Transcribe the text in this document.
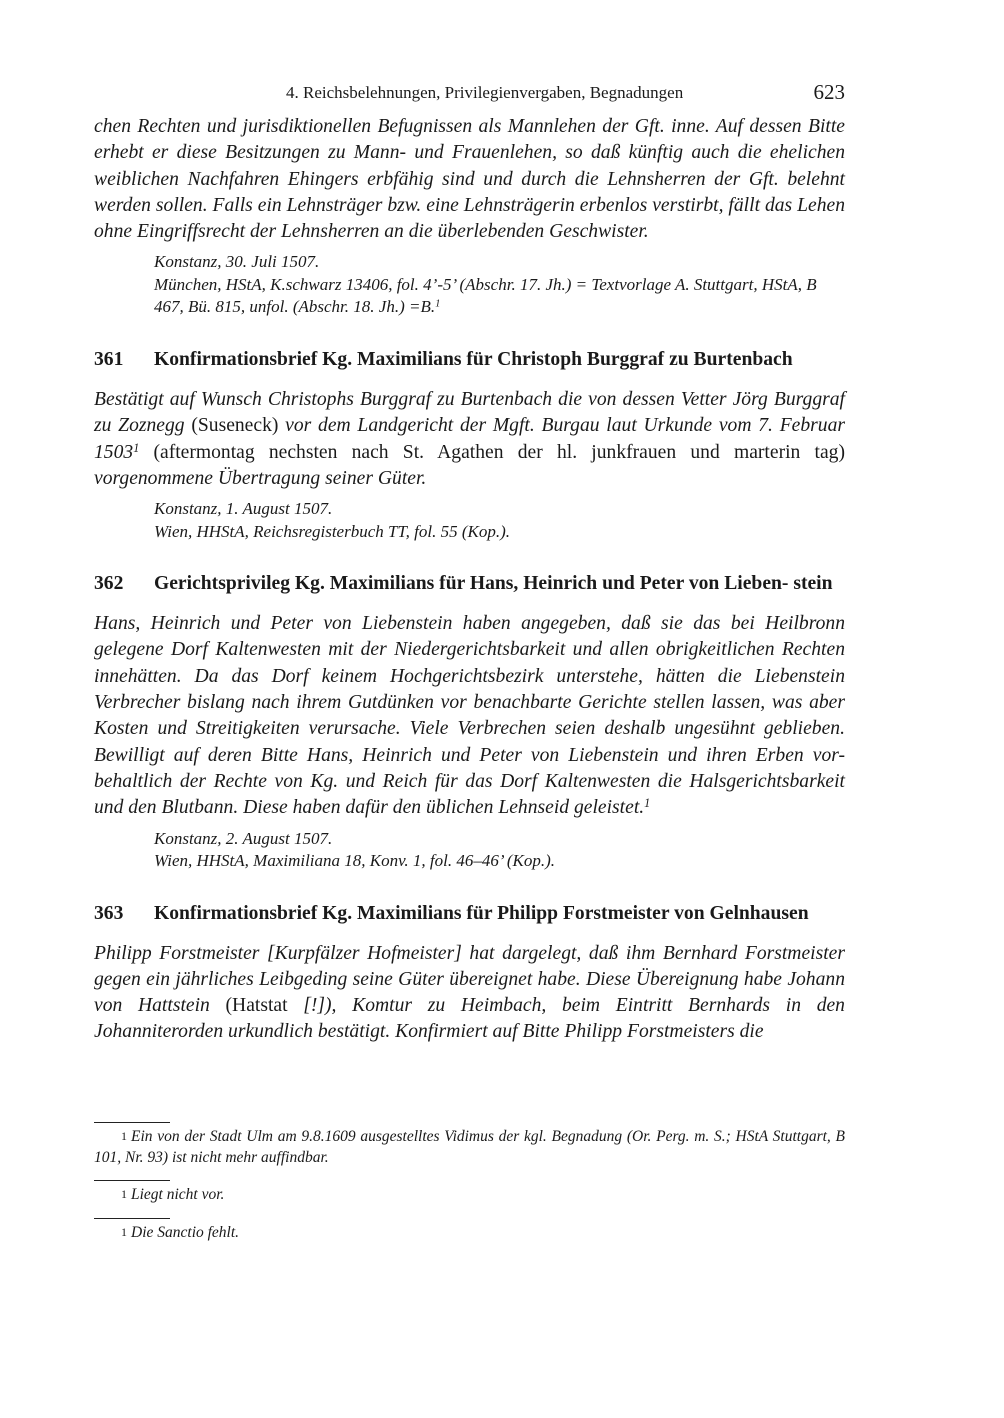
4. Reichsbelehnungen, Privilegienvergaben, Begnadungen	623

chen Rechten und jurisdiktionellen Befugnissen als Mannlehen der Gft. inne. Auf dessen Bitte erhebt er diese Besitzungen zu Mann- und Frauenlehen, so daß künftig auch die ehelichen weiblichen Nachfahren Ehingers erbfähig sind und durch die Lehnsherren der Gft. belehnt werden sollen. Falls ein Lehnsträger bzw. eine Lehnsträgerin erbenlos verstirbt, fällt das Lehen ohne Eingriffsrecht der Lehnsherren an die überlebenden Geschwister.

Konstanz, 30. Juli 1507.
München, HStA, K.schwarz 13406, fol. 4’-5’ (Abschr. 17. Jh.) = Textvorlage A. Stuttgart, HStA, B 467, Bü. 815, unfol. (Abschr. 18. Jh.) =B.$^1$
361	Konfirmationsbrief Kg. Maximilians für Christoph Burggraf zu Burtenbach

Bestätigt auf Wunsch Christophs Burggraf zu Burtenbach die von dessen Vetter Jörg Burggraf zu Zoznegg (Suseneck) vor dem Landgericht der Mgft. Burgau laut Urkunde vom 7. Februar 1503$^1$ (aftermontag nechsten nach St. Agathen der hl. junkfrauen und marterin tag) vorgenommene Übertragung seiner Güter.

Konstanz, 1. August 1507.
Wien, HHStA, Reichsregisterbuch TT, fol. 55 (Kop.).
362	Gerichtsprivileg Kg. Maximilians für Hans, Heinrich und Peter von Lieben- stein

Hans, Heinrich und Peter von Liebenstein haben angegeben, daß sie das bei Heilbronn gelegene Dorf Kaltenwesten mit der Niedergerichtsbarkeit und allen obrigkeitlichen Rechten innehätten. Da das Dorf keinem Hochgerichtsbezirk unterstehe, hätten die Liebenstein Verbrecher bislang nach ihrem Gutdünken vor benachbarte Gerichte stellen lassen, was aber Kosten und Streitigkeiten verursache. Viele Verbrechen seien deshalb ungesühnt geblieben. Bewilligt auf deren Bitte Hans, Heinrich und Peter von Liebenstein und ihren Erben vor- behaltlich der Rechte von Kg. und Reich für das Dorf Kaltenwesten die Halsgerichtsbarkeit und den Blutbann. Diese haben dafür den üblichen Lehnseid geleistet.$^1$

Konstanz, 2. August 1507.
Wien, HHStA, Maximiliana 18, Konv. 1, fol. 46–46’ (Kop.).
363	Konfirmationsbrief Kg. Maximilians für Philipp Forstmeister von Gelnhausen

Philipp Forstmeister [Kurpfälzer Hofmeister] hat dargelegt, daß ihm Bernhard Forstmeister gegen ein jährliches Leibgeding seine Güter übereignet habe. Diese Übereignung habe Johann von Hattstein (Hatstat [!]), Komtur zu Heimbach, beim Eintritt Bernhards in den Johanniterorden urkundlich bestätigt. Konfirmiert auf Bitte Philipp Forstmeisters die

1 Ein von der Stadt Ulm am 9.8.1609 ausgestelltes Vidimus der kgl. Begnadung (Or. Perg. m. S.; HStA Stuttgart, B 101, Nr. 93) ist nicht mehr auffindbar.
1 Liegt nicht vor.
1 Die Sanctio fehlt.
